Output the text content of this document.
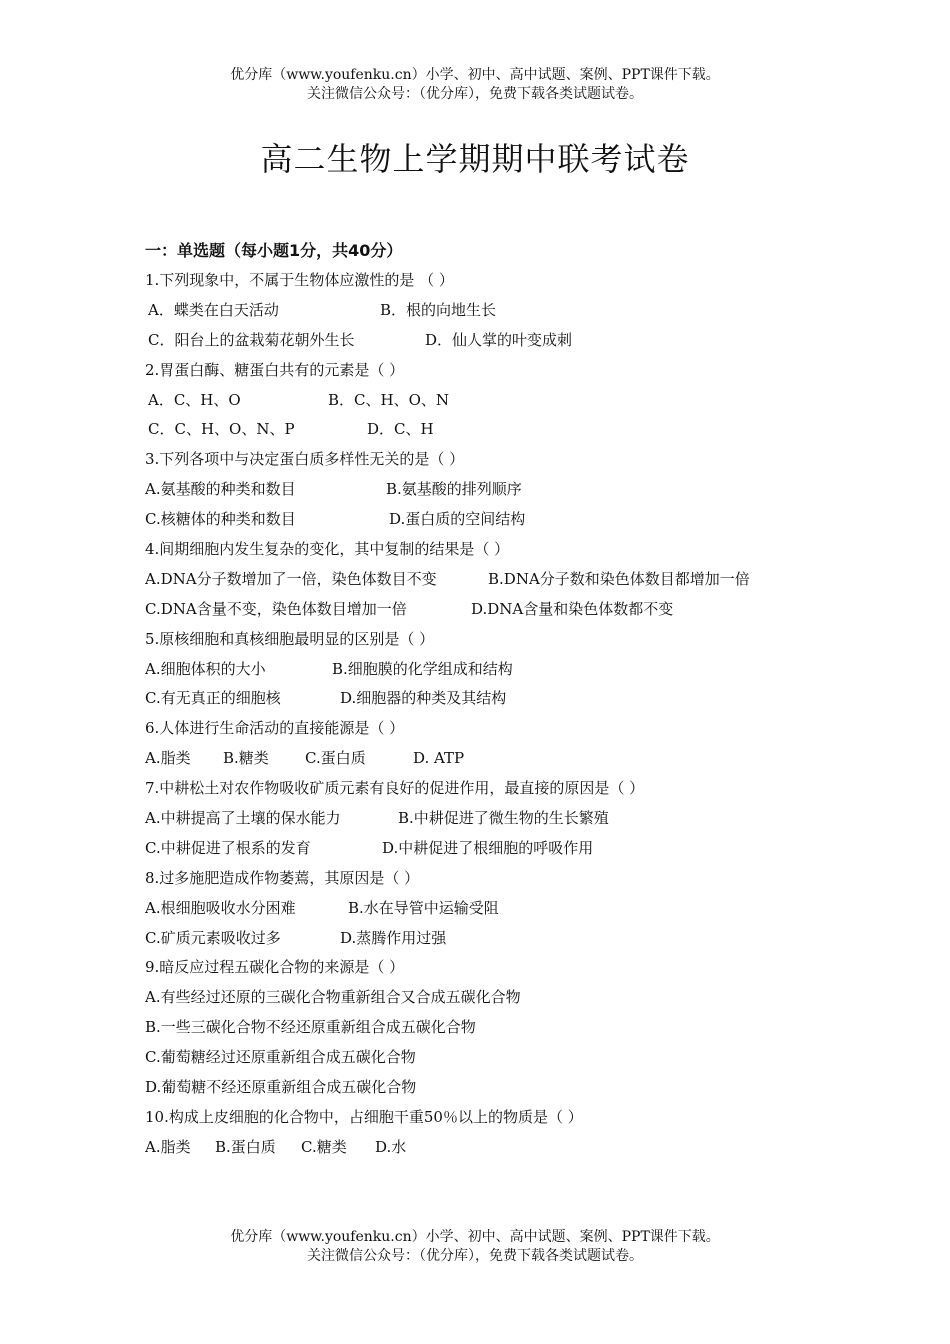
优分库（www.youfenku.cn）小学、初中、高中试题、案例、PPT课件下载。
关注微信公众号：（优分库），免费下载各类试题试卷。
高二生物上学期期中联考试卷
一：单选题（每小题1分，共40分）
1.下列现象中，不属于生物体应激性的是 （ ）
A．蝶类在白天活动	B．根的向地生长
C．阳台上的盆栽菊花朝外生长	D．仙人掌的叶变成刺
2.胃蛋白酶、糖蛋白共有的元素是（ ）
A．C、H、O	B．C、H、O、N
C．C、H、O、N、P	D．C、H
3.下列各项中与决定蛋白质多样性无关的是（ ）
A.氨基酸的种类和数目	B.氨基酸的排列顺序
C.核糖体的种类和数目	D.蛋白质的空间结构
4.间期细胞内发生复杂的变化，其中复制的结果是（ ）
A.DNA分子数增加了一倍，染色体数目不变	B.DNA分子数和染色体数目都增加一倍
C.DNA含量不变，染色体数目增加一倍	D.DNA含量和染色体数都不变
5.原核细胞和真核细胞最明显的区别是（ ）
A.细胞体积的大小	B.细胞膜的化学组成和结构
C.有无真正的细胞核	D.细胞器的种类及其结构
6.人体进行生命活动的直接能源是（ ）
A.脂类 B.糖类 C.蛋白质	D. ATP
7.中耕松土对农作物吸收矿质元素有良好的促进作用，最直接的原因是（ ）
A.中耕提高了土壤的保水能力	B.中耕促进了微生物的生长繁殖
C.中耕促进了根系的发育	D.中耕促进了根细胞的呼吸作用
8.过多施肥造成作物萎蔫，其原因是（ ）
A.根细胞吸收水分困难	B.水在导管中运输受阻
C.矿质元素吸收过多	D.蒸腾作用过强
9.暗反应过程五碳化合物的来源是（ ）
A.有些经过还原的三碳化合物重新组合又合成五碳化合物
B.一些三碳化合物不经还原重新组合成五碳化合物
C.葡萄糖经过还原重新组合成五碳化合物
D.葡萄糖不经还原重新组合成五碳化合物
10.构成上皮细胞的化合物中，占细胞干重50％以上的物质是（ ）
A.脂类 B.蛋白质 C.糖类 D.水
优分库（www.youfenku.cn）小学、初中、高中试题、案例、PPT课件下载。
关注微信公众号：（优分库），免费下载各类试题试卷。
